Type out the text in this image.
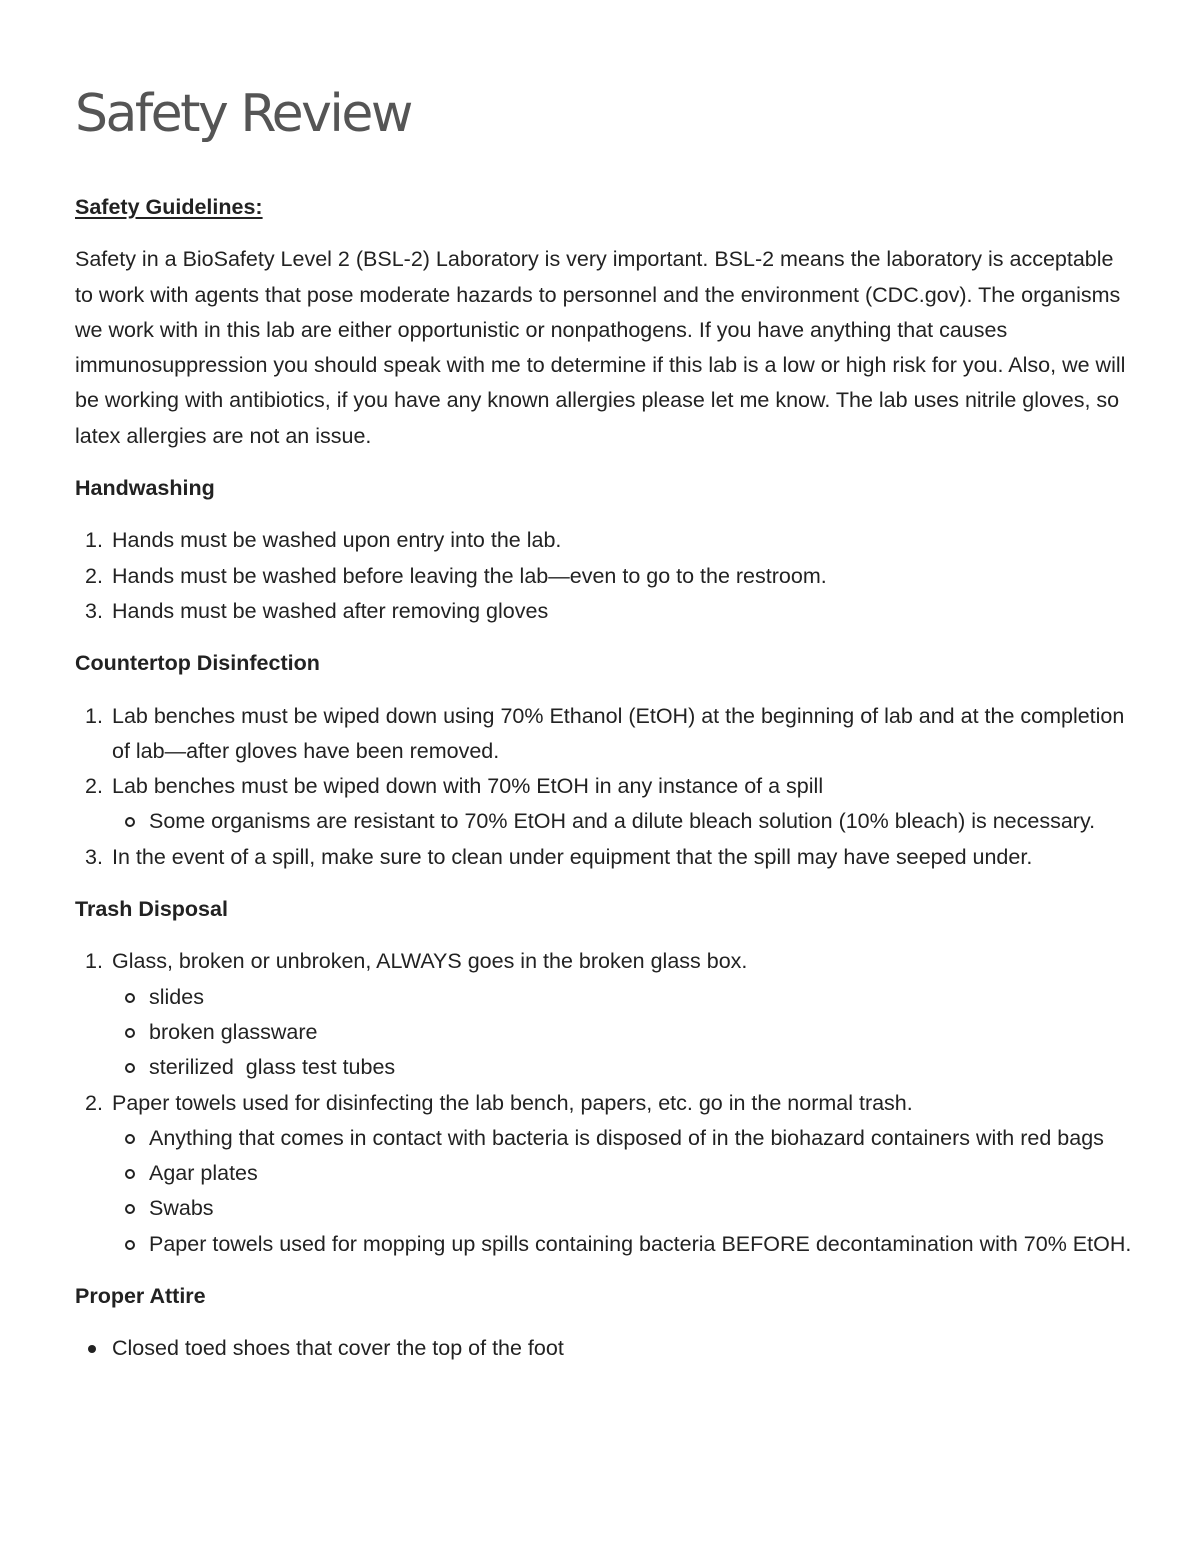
Safety Review

Safety Guidelines:

Safety in a BioSafety Level 2 (BSL-2) Laboratory is very important. BSL-2 means the laboratory is acceptable to work with agents that pose moderate hazards to personnel and the environment (CDC.gov). The organisms we work with in this lab are either opportunistic or nonpathogens. If you have anything that causes immunosuppression you should speak with me to determine if this lab is a low or high risk for you. Also, we will be working with antibiotics, if you have any known allergies please let me know. The lab uses nitrile gloves, so latex allergies are not an issue.

Handwashing
1. Hands must be washed upon entry into the lab.
2. Hands must be washed before leaving the lab—even to go to the restroom.
3. Hands must be washed after removing gloves
Countertop Disinfection
1. Lab benches must be wiped down using 70% Ethanol (EtOH) at the beginning of lab and at the completion of lab—after gloves have been removed.
2. Lab benches must be wiped down with 70% EtOH in any instance of a spill
Some organisms are resistant to 70% EtOH and a dilute bleach solution (10% bleach) is necessary.
3. In the event of a spill, make sure to clean under equipment that the spill may have seeped under.
Trash Disposal
1. Glass, broken or unbroken, ALWAYS goes in the broken glass box.
slides
broken glassware
sterilized  glass test tubes
2. Paper towels used for disinfecting the lab bench, papers, etc. go in the normal trash.
Anything that comes in contact with bacteria is disposed of in the biohazard containers with red bags
Agar plates
Swabs
Paper towels used for mopping up spills containing bacteria BEFORE decontamination with 70% EtOH.
Proper Attire
Closed toed shoes that cover the top of the foot
